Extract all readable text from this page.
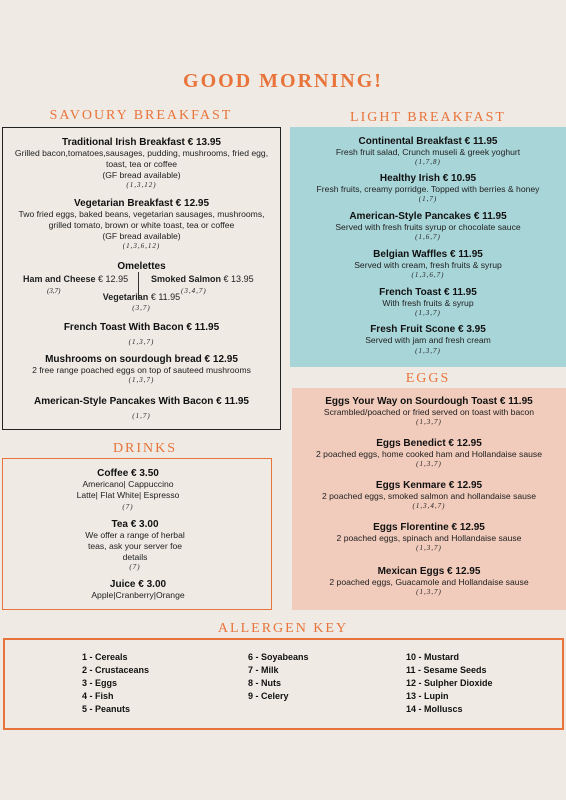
GOOD MORNING!
SAVOURY BREAKFAST
Traditional Irish Breakfast € 13.95
Grilled bacon,tomatoes,sausages, pudding, mushrooms, fried egg, toast, tea or coffee
(GF bread available)
(1,3,12)
Vegetarian Breakfast € 12.95
Two fried eggs, baked beans, vegetarian sausages, mushrooms, grilled tomato, brown or white toast, tea or coffee
(GF bread available)
(1,3,6,12)
Omelettes
Ham and Cheese € 12.95
(3,7)
Smoked Salmon € 13.95
(3,4,7)
Vegetarian € 11.95
(3,7)
French Toast With Bacon € 11.95
(1,3,7)
Mushrooms on sourdough bread € 12.95
2 free range poached eggs on top of sauteed mushrooms
(1,3,7)
American-Style Pancakes With Bacon € 11.95
(1,7)
LIGHT BREAKFAST
Continental Breakfast € 11.95
Fresh fruit salad, Crunch museli & greek yoghurt
(1,7,8)
Healthy Irish € 10.95
Fresh fruits, creamy porridge. Topped with berries & honey
(1,7)
American-Style Pancakes € 11.95
Served with fresh fruits syrup or chocolate sauce
(1,6,7)
Belgian Waffles € 11.95
Served with cream, fresh fruits & syrup
(1,3,6,7)
French Toast € 11.95
With fresh fruits & syrup
(1,3,7)
Fresh Fruit Scone € 3.95
Served with jam and fresh cream
(1,3,7)
EGGS
Eggs Your Way on Sourdough Toast € 11.95
Scrambled/poached or fried served on toast with bacon
(1,3,7)
Eggs Benedict € 12.95
2 poached eggs, home cooked ham and Hollandaise sause
(1,3,7)
Eggs Kenmare € 12.95
2 poached eggs, smoked salmon and hollandaise sause
(1,3,4,7)
Eggs Florentine € 12.95
2 poached eggs, spinach and Hollandaise sause
(1,3,7)
Mexican Eggs € 12.95
2 poached eggs, Guacamole and Hollandaise sause
(1,3,7)
DRINKS
Coffee € 3.50
Americano| Cappuccino
Latte| Flat White| Espresso
(7)
Tea € 3.00
We offer a range of herbal teas, ask your server foe details
(7)
Juice € 3.00
Apple|Cranberry|Orange
ALLERGEN KEY
1 - Cereals
2 - Crustaceans
3 - Eggs
4 - Fish
5 - Peanuts
6 - Soyabeans
7 - Milk
8 - Nuts
9 - Celery
10 - Mustard
11 - Sesame Seeds
12 - Sulpher Dioxide
13 - Lupin
14 - Molluscs
